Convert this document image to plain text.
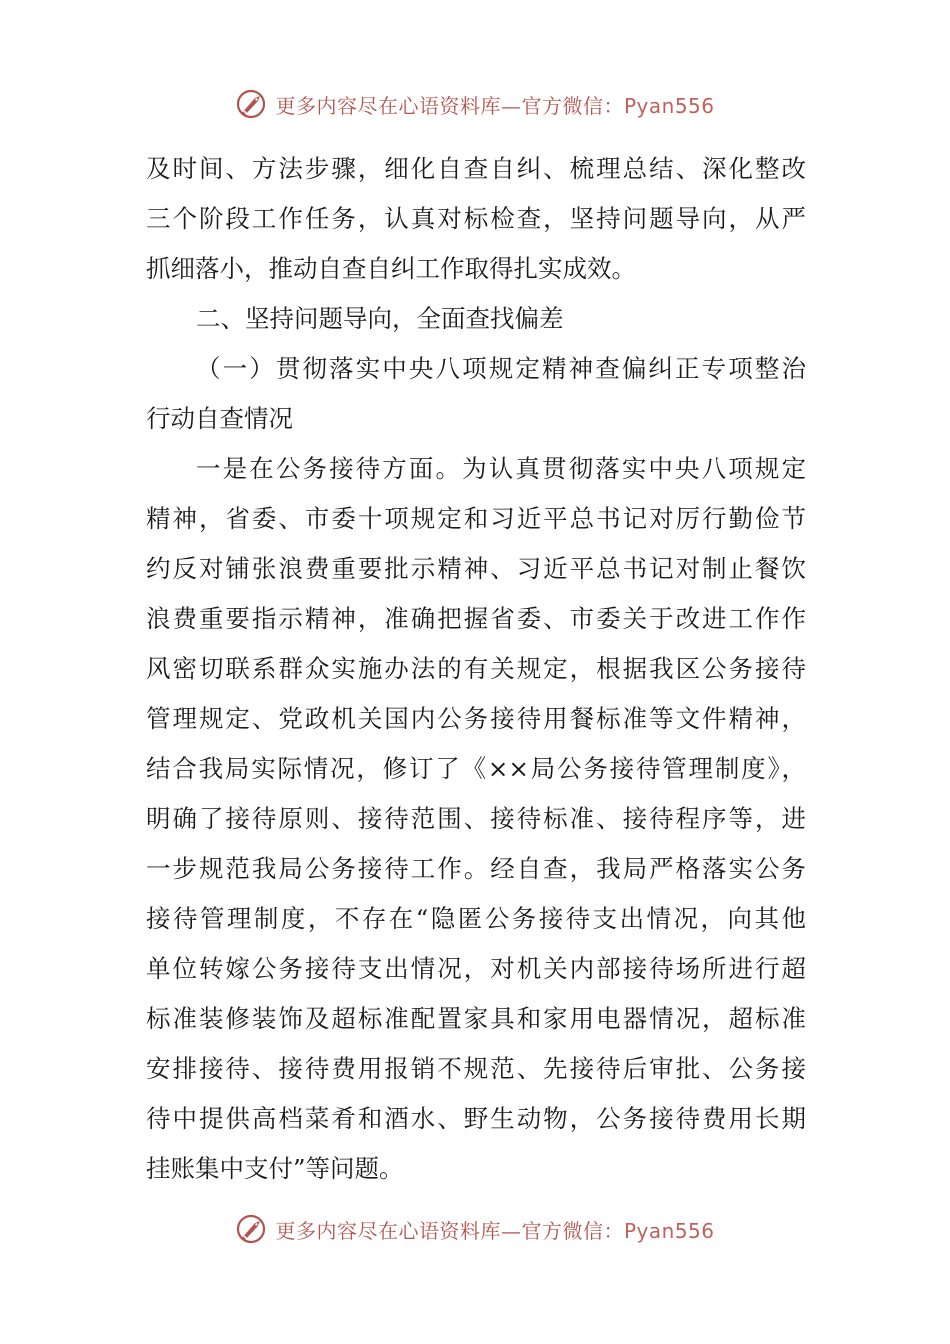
更多内容尽在心语资料库—官方微信：Pyan556
及时间、方法步骤，细化自查自纠、梳理总结、深化整改
三个阶段工作任务，认真对标检查，坚持问题导向，从严
抓细落小，推动自查自纠工作取得扎实成效。
二、坚持问题导向，全面查找偏差
（一）贯彻落实中央八项规定精神查偏纠正专项整治
行动自查情况
一是在公务接待方面。为认真贯彻落实中央八项规定
精神，省委、市委十项规定和习近平总书记对厉行勤俭节
约反对铺张浪费重要批示精神、习近平总书记对制止餐饮
浪费重要指示精神，准确把握省委、市委关于改进工作作
风密切联系群众实施办法的有关规定，根据我区公务接待
管理规定、党政机关国内公务接待用餐标准等文件精神，
结合我局实际情况，修订了《××局公务接待管理制度》，
明确了接待原则、接待范围、接待标准、接待程序等，进
一步规范我局公务接待工作。经自查，我局严格落实公务
接待管理制度，不存在“隐匿公务接待支出情况，向其他
单位转嫁公务接待支出情况，对机关内部接待场所进行超
标准装修装饰及超标准配置家具和家用电器情况，超标准
安排接待、接待费用报销不规范、先接待后审批、公务接
待中提供高档菜肴和酒水、野生动物，公务接待费用长期
挂账集中支付”等问题。
更多内容尽在心语资料库—官方微信：Pyan556
